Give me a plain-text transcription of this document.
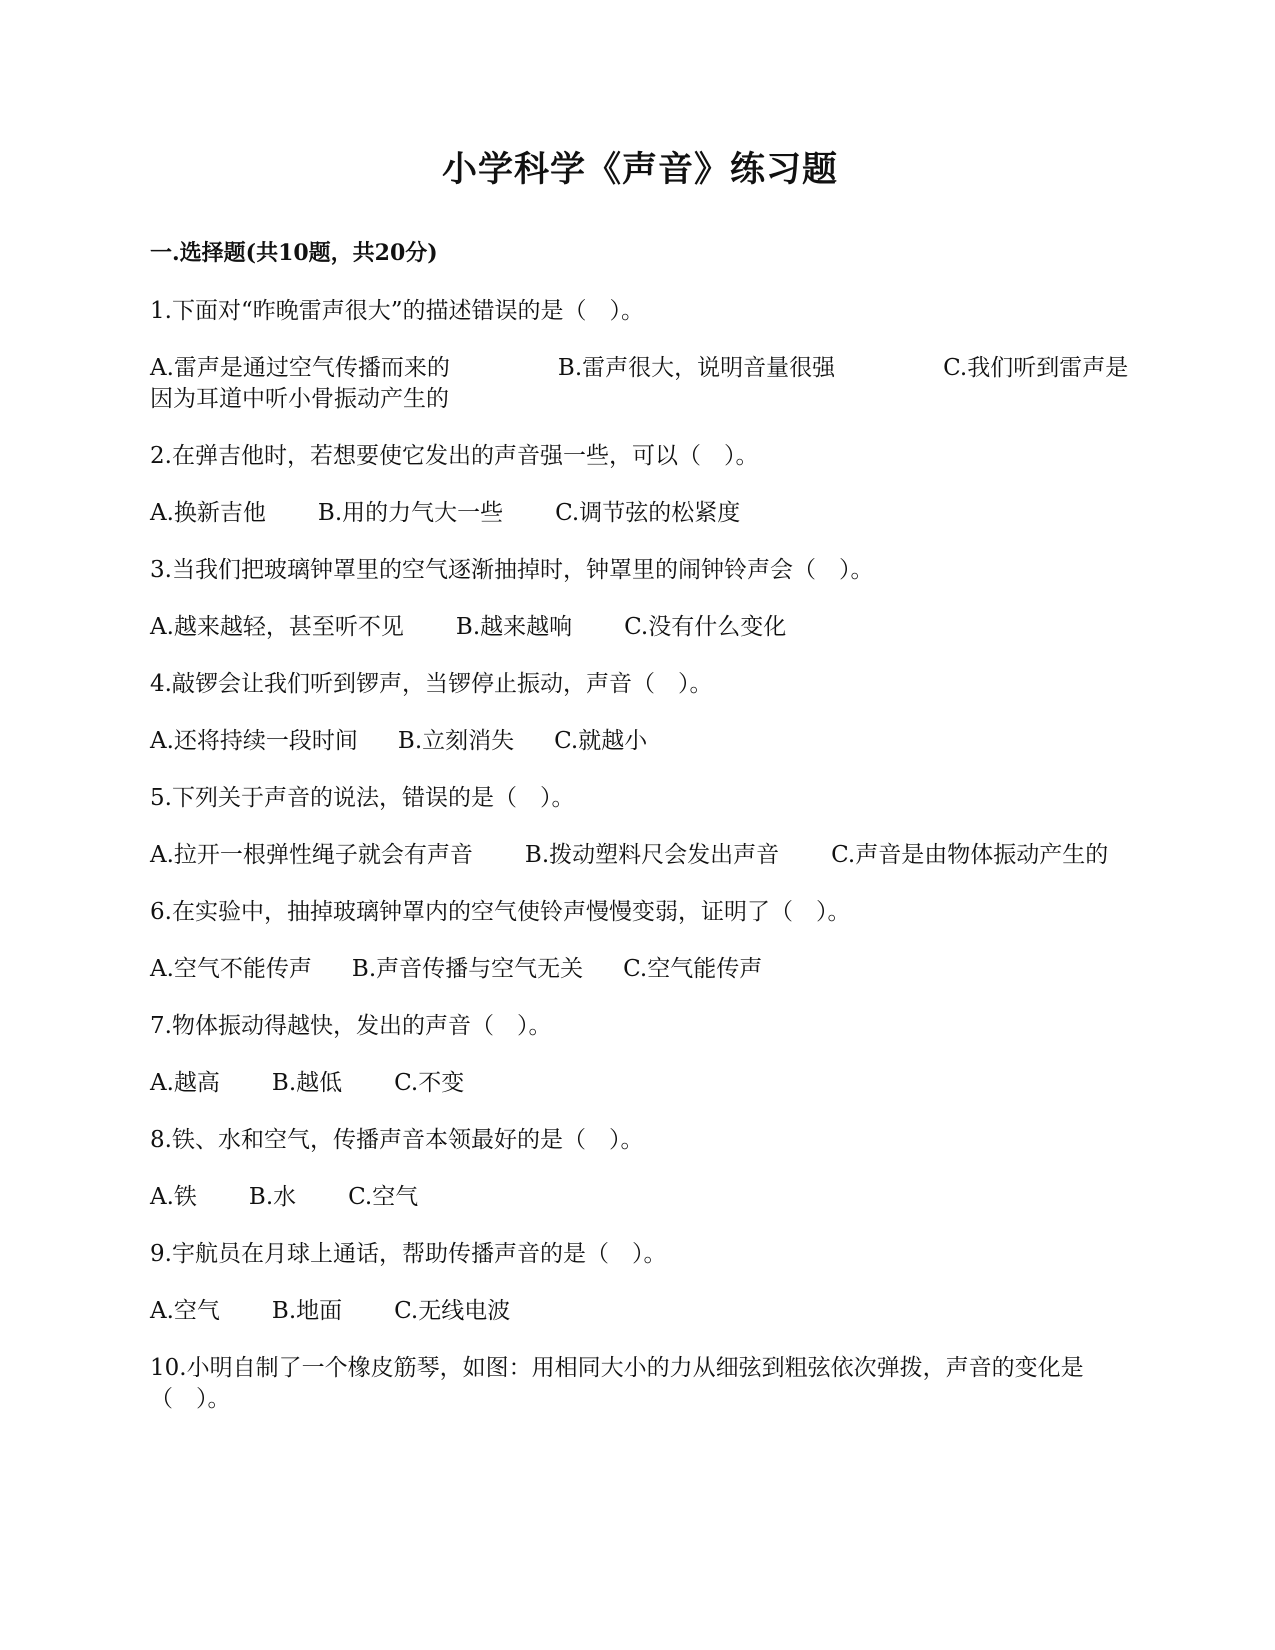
小学科学《声音》练习题
一.选择题(共10题，共20分)

1.下面对“昨晚雷声很大”的描述错误的是（　）。

A.雷声是通过空气传播而来的	B.雷声很大，说明音量很强	C.我们听到雷声是因为耳道中听小骨振动产生的

2.在弹吉他时，若想要使它发出的声音强一些，可以（　）。

A.换新吉他 B.用的力气大一些 C.调节弦的松紧度

3.当我们把玻璃钟罩里的空气逐渐抽掉时，钟罩里的闹钟铃声会（　）。

A.越来越轻，甚至听不见 B.越来越响 C.没有什么变化

4.敲锣会让我们听到锣声，当锣停止振动，声音（　）。

A.还将持续一段时间 B.立刻消失 C.就越小

5.下列关于声音的说法，错误的是（　）。

A.拉开一根弹性绳子就会有声音 B.拨动塑料尺会发出声音 C.声音是由物体振动产生的

6.在实验中，抽掉玻璃钟罩内的空气使铃声慢慢变弱，证明了（　）。

A.空气不能传声 B.声音传播与空气无关 C.空气能传声

7.物体振动得越快，发出的声音（　）。

A.越高 B.越低 C.不变

8.铁、水和空气，传播声音本领最好的是（　）。

A.铁 B.水 C.空气

9.宇航员在月球上通话，帮助传播声音的是（　）。

A.空气 B.地面 C.无线电波

10.小明自制了一个橡皮筋琴，如图：用相同大小的力从细弦到粗弦依次弹拨，声音的变化是（　）。
